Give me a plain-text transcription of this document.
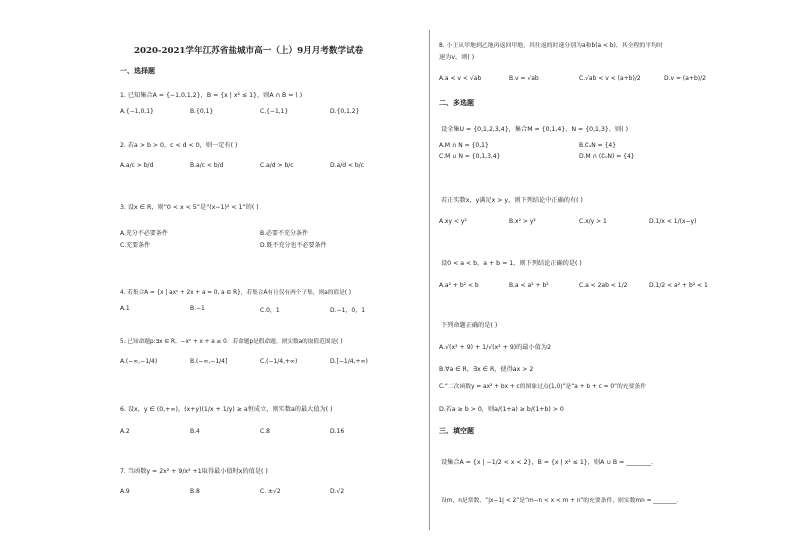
2020-2021学年江苏省盐城市高一（上）9月月考数学试卷
一、选择题
1. 已知集合A = {−1,0,1,2}，B = {x | x² ≤ 1}，则A ∩ B = ( )
A.{−1,0,1}	B.{0,1}	C.{−1,1}	D.{0,1,2}
2. 若a > b > 0，c < d < 0，则一定有( )
A.a/c > b/d	B.a/c < b/d	C.a/d > b/c	D.a/d < b/c
3. 设x ∈ R，则“0 < x < 5”是“(x−1)² < 1”的( )
A.充分不必要条件	B.必要不充分条件
C.充要条件	D.既不充分也不必要条件
4. 若集合A = {x | ax² + 2x + a = 0, a ∈ R}，若集合A有且仅有两个子集，则a的值是( )
A.1	B.−1	C.0，1	D.−1，0，1
5. 已知命题p:∃x ∈ R，−x² + x + a ≥ 0．若命题p是假命题，则实数a的取值范围是( )
A.(−∞,−1/4)	B.(−∞,−1/4]	C.(−1/4,+∞)	D.[−1/4,+∞)
6. 设x，y ∈ (0,+∞)，(x+y)(1/x + 1/y) ≥ a恒成立，则实数a的最大值为( )
A.2	B.4	C.8	D.16
7. 当函数y = 2x² + 9/x² +1取得最小值时x的值是( )
A.9	B.8	C. ±√2	D.√2
8. 小王从甲地到乙地再返回甲地，其往返的时速分别为a和b(a < b)，其全程的平均时
速为v，则( )
A.a < v < √ab	B.v = √ab	C.√ab < v < (a+b)/2	D.v = (a+b)/2
二、多选题
设全集U = {0,1,2,3,4}，集合M = {0,1,4}，N = {0,1,3}，则( )
A.M ∩ N = {0,1}	B.∁ᵤN = {4}
C.M ∪ N = {0,1,3,4}	D.M ∩ (∁ᵤN) = {4}
若正实数x，y满足x > y，则下列结论中正确的有( )
A.xy < y²	B.x² > y²	C.x/y > 1	D.1/x < 1/(x−y)
设0 < a < b，a + b = 1，则下列结论正确的是( )
A.a² + b² < b	B.a < a² + b²	C.a < 2ab < 1/2	D.1/2 < a² + b² < 1
下列命题正确的是( )
A.√(x² + 9) + 1/√(x² + 9)的最小值为2
B.∀a ∈ R，∃x ∈ R，使得ax > 2
C.“二次函数y = ax² + bx + c的图象过点(1,0)”是“a + b + c = 0”的充要条件
D.若a ≥ b > 0，则a/(1+a) ≥ b/(1+b) > 0
三、填空题
设集合A = {x | −1/2 < x < 2}，B = {x | x² ≤ 1}，则A ∪ B = ________．
设m，n是常数，“|x−1| < 2”是“m−n < x < m + n”的充要条件，则实数mn = ________．
